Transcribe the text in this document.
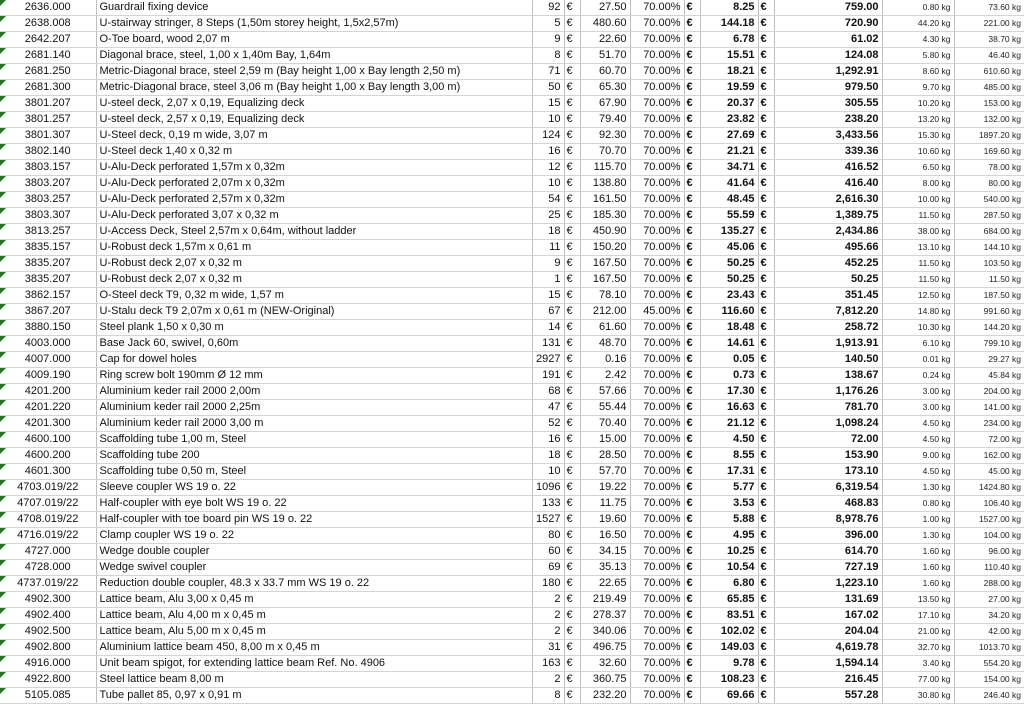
2636.000	Guardrail fixing device	92	€	27.50	70.00%	€	8.25	€	759.00	0.80 kg	73.60 kg
2638.008	U-stairway stringer, 8 Steps (1,50m storey height, 1,5x2,57m)	5	€	480.60	70.00%	€	144.18	€	720.90	44.20 kg	221.00 kg
2642.207	O-Toe board, wood 2,07 m	9	€	22.60	70.00%	€	6.78	€	61.02	4.30 kg	38.70 kg
2681.140	Diagonal brace, steel, 1,00 x 1,40m Bay, 1,64m	8	€	51.70	70.00%	€	15.51	€	124.08	5.80 kg	46.40 kg
2681.250	Metric-Diagonal brace, steel 2,59 m (Bay height 1,00 x Bay length 2,50 m)	71	€	60.70	70.00%	€	18.21	€	1,292.91	8.60 kg	610.60 kg
2681.300	Metric-Diagonal brace, steel 3,06 m (Bay height 1,00 x Bay length 3,00 m)	50	€	65.30	70.00%	€	19.59	€	979.50	9.70 kg	485.00 kg
3801.207	U-steel deck, 2,07 x 0,19, Equalizing deck	15	€	67.90	70.00%	€	20.37	€	305.55	10.20 kg	153.00 kg
3801.257	U-steel deck, 2,57 x 0,19, Equalizing deck	10	€	79.40	70.00%	€	23.82	€	238.20	13.20 kg	132.00 kg
3801.307	U-Steel deck, 0,19 m wide, 3,07 m	124	€	92.30	70.00%	€	27.69	€	3,433.56	15.30 kg	1897.20 kg
3802.140	U-Steel deck 1,40 x 0,32 m	16	€	70.70	70.00%	€	21.21	€	339.36	10.60 kg	169.60 kg
3803.157	U-Alu-Deck perforated 1,57m x 0,32m	12	€	115.70	70.00%	€	34.71	€	416.52	6.50 kg	78.00 kg
3803.207	U-Alu-Deck perforated 2,07m x 0,32m	10	€	138.80	70.00%	€	41.64	€	416.40	8.00 kg	80.00 kg
3803.257	U-Alu-Deck perforated 2,57m x 0,32m	54	€	161.50	70.00%	€	48.45	€	2,616.30	10.00 kg	540.00 kg
3803.307	U-Alu-Deck perforated 3,07 x 0,32 m	25	€	185.30	70.00%	€	55.59	€	1,389.75	11.50 kg	287.50 kg
3813.257	U-Access Deck, Steel 2,57m x 0,64m, without ladder	18	€	450.90	70.00%	€	135.27	€	2,434.86	38.00 kg	684.00 kg
3835.157	U-Robust deck 1,57m x 0,61 m	11	€	150.20	70.00%	€	45.06	€	495.66	13.10 kg	144.10 kg
3835.207	U-Robust deck 2,07 x 0,32 m	9	€	167.50	70.00%	€	50.25	€	452.25	11.50 kg	103.50 kg
3835.207	U-Robust deck 2,07 x 0,32 m	1	€	167.50	70.00%	€	50.25	€	50.25	11.50 kg	11.50 kg
3862.157	O-Steel deck T9, 0,32 m wide, 1,57 m	15	€	78.10	70.00%	€	23.43	€	351.45	12.50 kg	187.50 kg
3867.207	U-Stalu deck T9 2,07m x 0,61 m (NEW-Original)	67	€	212.00	45.00%	€	116.60	€	7,812.20	14.80 kg	991.60 kg
3880.150	Steel plank 1,50 x 0,30 m	14	€	61.60	70.00%	€	18.48	€	258.72	10.30 kg	144.20 kg
4003.000	Base Jack 60, swivel, 0,60m	131	€	48.70	70.00%	€	14.61	€	1,913.91	6.10 kg	799.10 kg
4007.000	Cap for dowel holes	2927	€	0.16	70.00%	€	0.05	€	140.50	0.01 kg	29.27 kg
4009.190	Ring screw bolt 190mm Ø 12 mm	191	€	2.42	70.00%	€	0.73	€	138.67	0.24 kg	45.84 kg
4201.200	Aluminium keder rail 2000 2,00m	68	€	57.66	70.00%	€	17.30	€	1,176.26	3.00 kg	204.00 kg
4201.220	Aluminium keder rail 2000 2,25m	47	€	55.44	70.00%	€	16.63	€	781.70	3.00 kg	141.00 kg
4201.300	Aluminium keder rail 2000 3,00 m	52	€	70.40	70.00%	€	21.12	€	1,098.24	4.50 kg	234.00 kg
4600.100	Scaffolding tube 1,00 m, Steel	16	€	15.00	70.00%	€	4.50	€	72.00	4.50 kg	72.00 kg
4600.200	Scaffolding tube 200	18	€	28.50	70.00%	€	8.55	€	153.90	9.00 kg	162.00 kg
4601.300	Scaffolding tube 0,50 m, Steel	10	€	57.70	70.00%	€	17.31	€	173.10	4.50 kg	45.00 kg
4703.019/22	Sleeve coupler WS 19 o. 22	1096	€	19.22	70.00%	€	5.77	€	6,319.54	1.30 kg	1424.80 kg
4707.019/22	Half-coupler with eye bolt WS 19 o. 22	133	€	11.75	70.00%	€	3.53	€	468.83	0.80 kg	106.40 kg
4708.019/22	Half-coupler with toe board pin WS 19 o. 22	1527	€	19.60	70.00%	€	5.88	€	8,978.76	1.00 kg	1527.00 kg
4716.019/22	Clamp coupler WS 19 o. 22	80	€	16.50	70.00%	€	4.95	€	396.00	1.30 kg	104.00 kg
4727.000	Wedge double coupler	60	€	34.15	70.00%	€	10.25	€	614.70	1.60 kg	96.00 kg
4728.000	Wedge swivel coupler	69	€	35.13	70.00%	€	10.54	€	727.19	1.60 kg	110.40 kg
4737.019/22	Reduction double coupler, 48.3 x 33.7 mm WS 19 o. 22	180	€	22.65	70.00%	€	6.80	€	1,223.10	1.60 kg	288.00 kg
4902.300	Lattice beam, Alu 3,00 x 0,45 m	2	€	219.49	70.00%	€	65.85	€	131.69	13.50 kg	27.00 kg
4902.400	Lattice beam, Alu 4,00 m x 0,45 m	2	€	278.37	70.00%	€	83.51	€	167.02	17.10 kg	34.20 kg
4902.500	Lattice beam, Alu 5,00 m x 0,45 m	2	€	340.06	70.00%	€	102.02	€	204.04	21.00 kg	42.00 kg
4902.800	Aluminium lattice beam 450, 8,00 m x 0,45 m	31	€	496.75	70.00%	€	149.03	€	4,619.78	32.70 kg	1013.70 kg
4916.000	Unit beam spigot, for extending lattice beam Ref. No. 4906	163	€	32.60	70.00%	€	9.78	€	1,594.14	3.40 kg	554.20 kg
4922.800	Steel lattice beam 8,00 m	2	€	360.75	70.00%	€	108.23	€	216.45	77.00 kg	154.00 kg
5105.085	Tube pallet 85, 0,97 x 0,91 m	8	€	232.20	70.00%	€	69.66	€	557.28	30.80 kg	246.40 kg
